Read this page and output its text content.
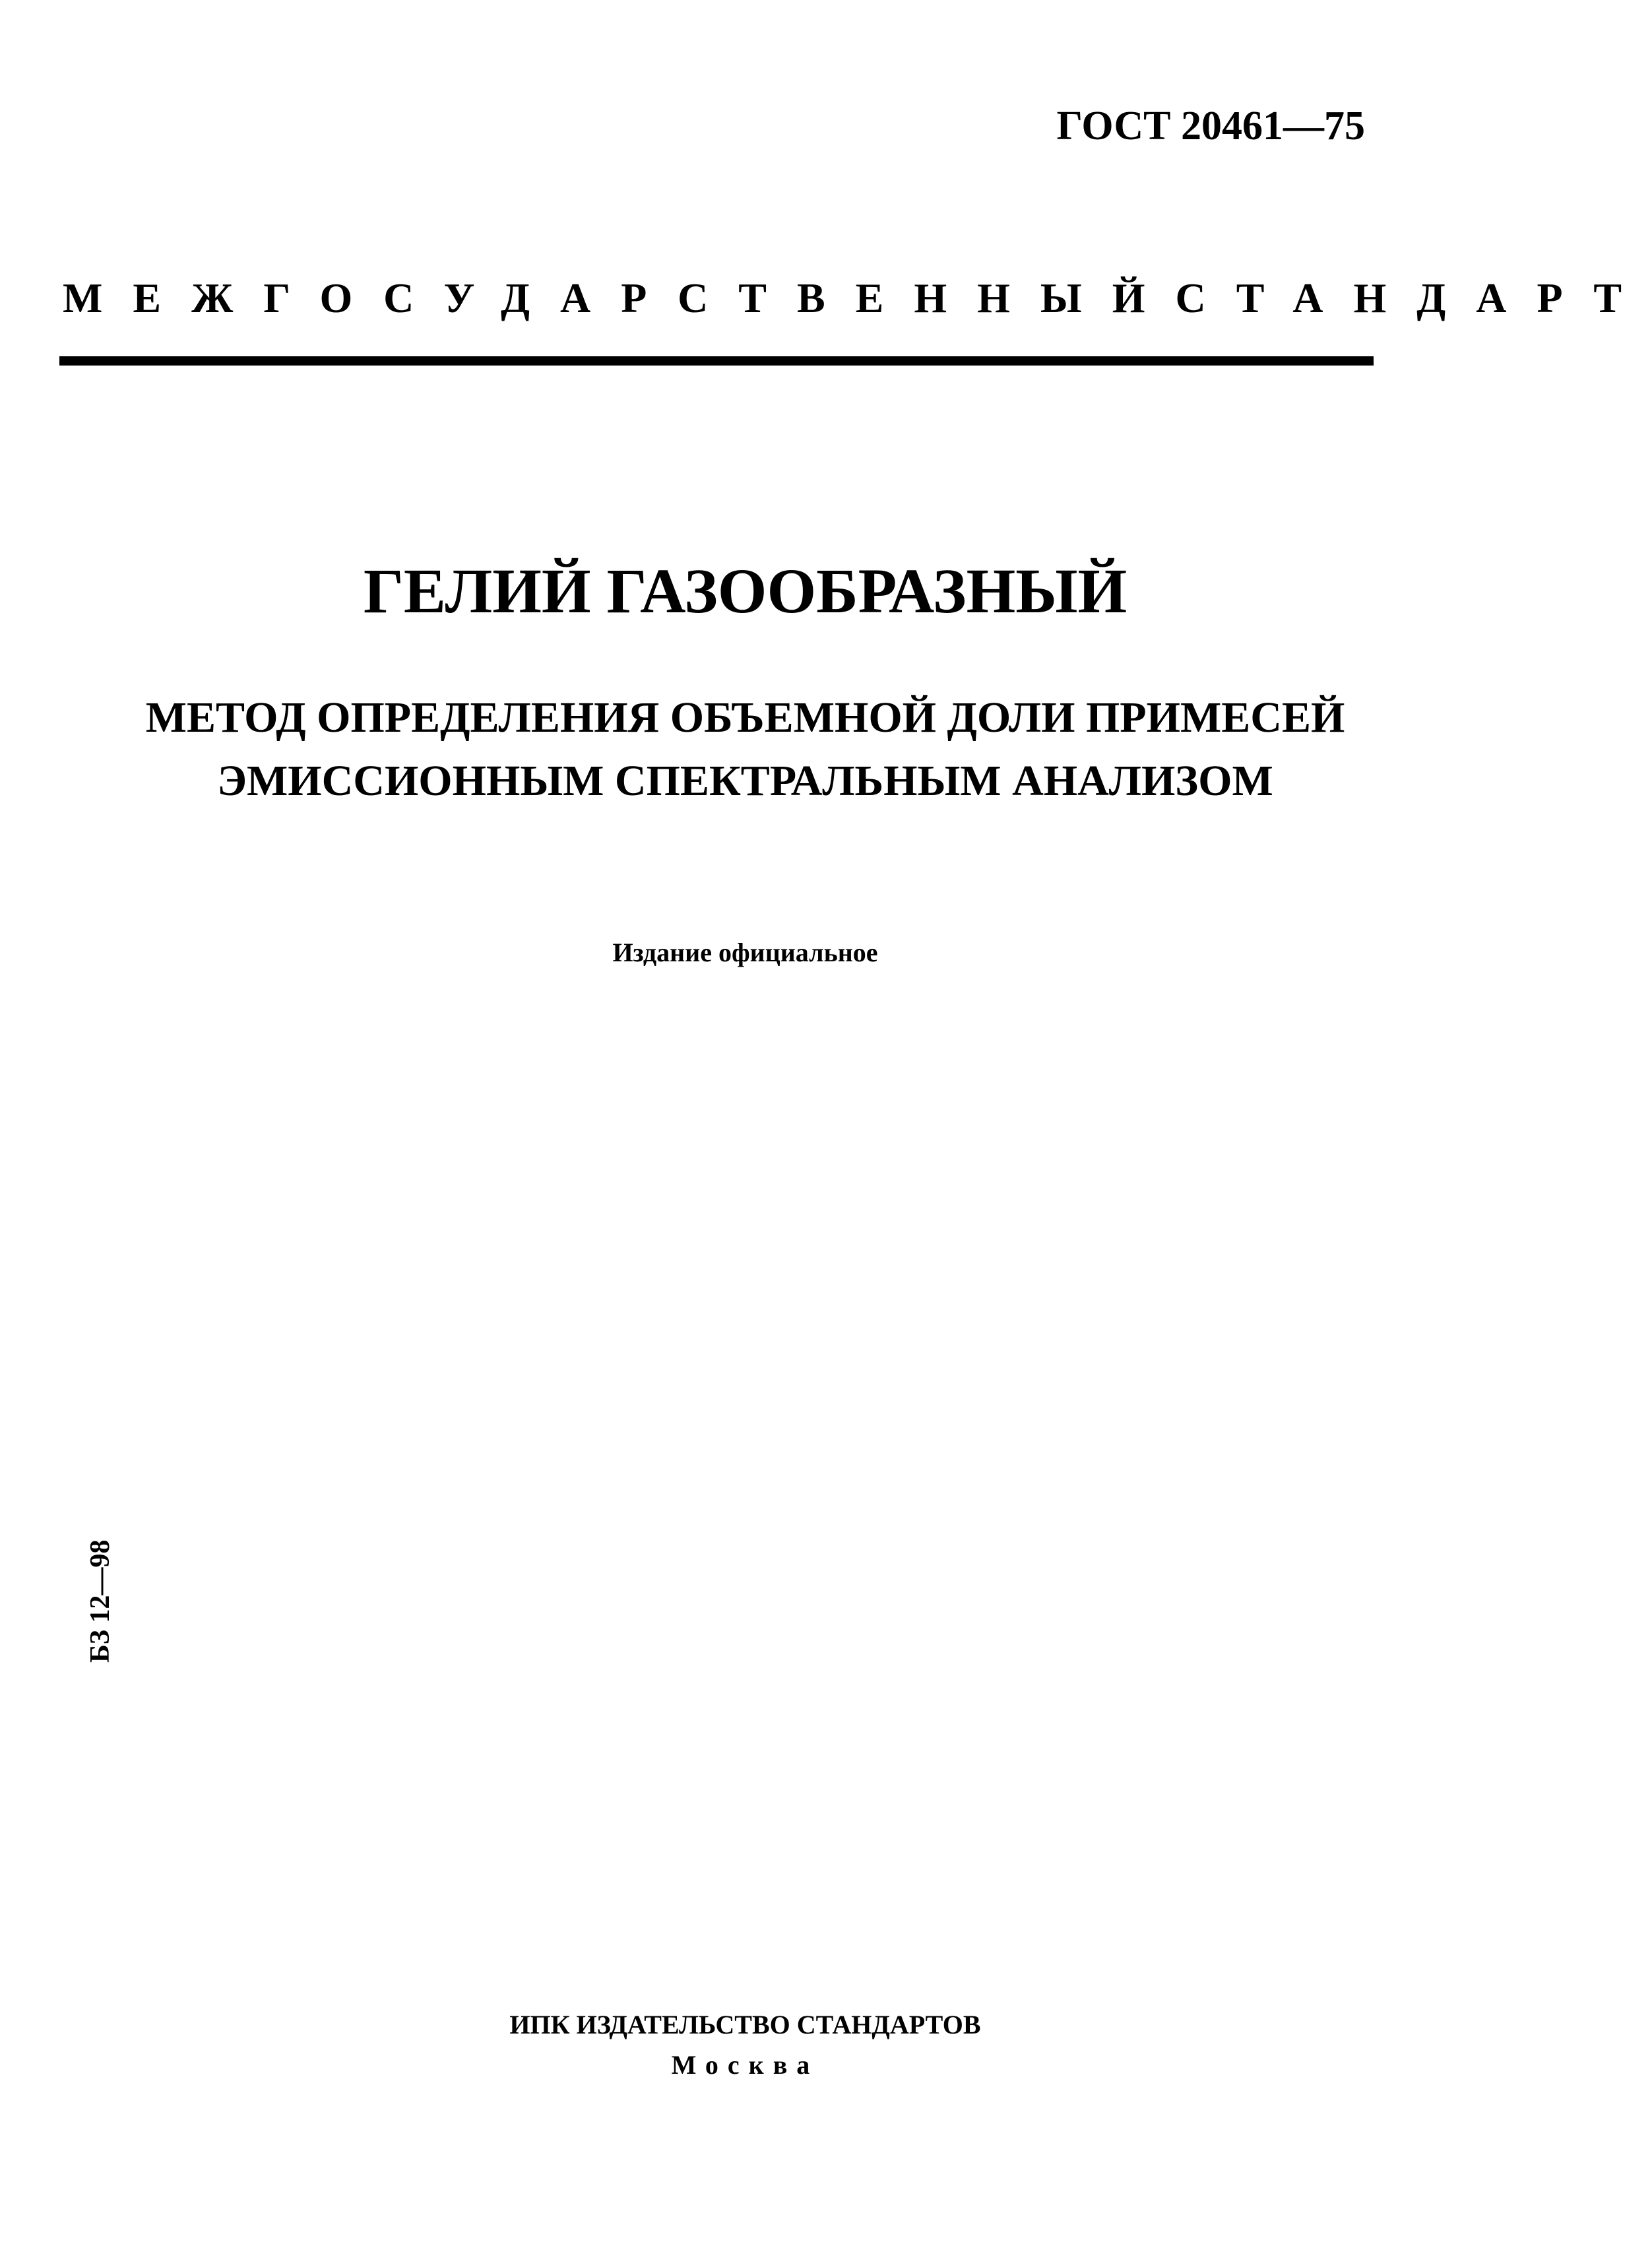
ГОСТ 20461—75
МЕЖГОСУДАРСТВЕННЫЙ СТАНДАРТ
ГЕЛИЙ ГАЗООБРАЗНЫЙ
МЕТОД ОПРЕДЕЛЕНИЯ ОБЪЕМНОЙ ДОЛИ ПРИМЕСЕЙ
ЭМИССИОННЫМ СПЕКТРАЛЬНЫМ АНАЛИЗОМ
Издание официальное
БЗ 12—98
ИПК ИЗДАТЕЛЬСТВО СТАНДАРТОВ
Москва
